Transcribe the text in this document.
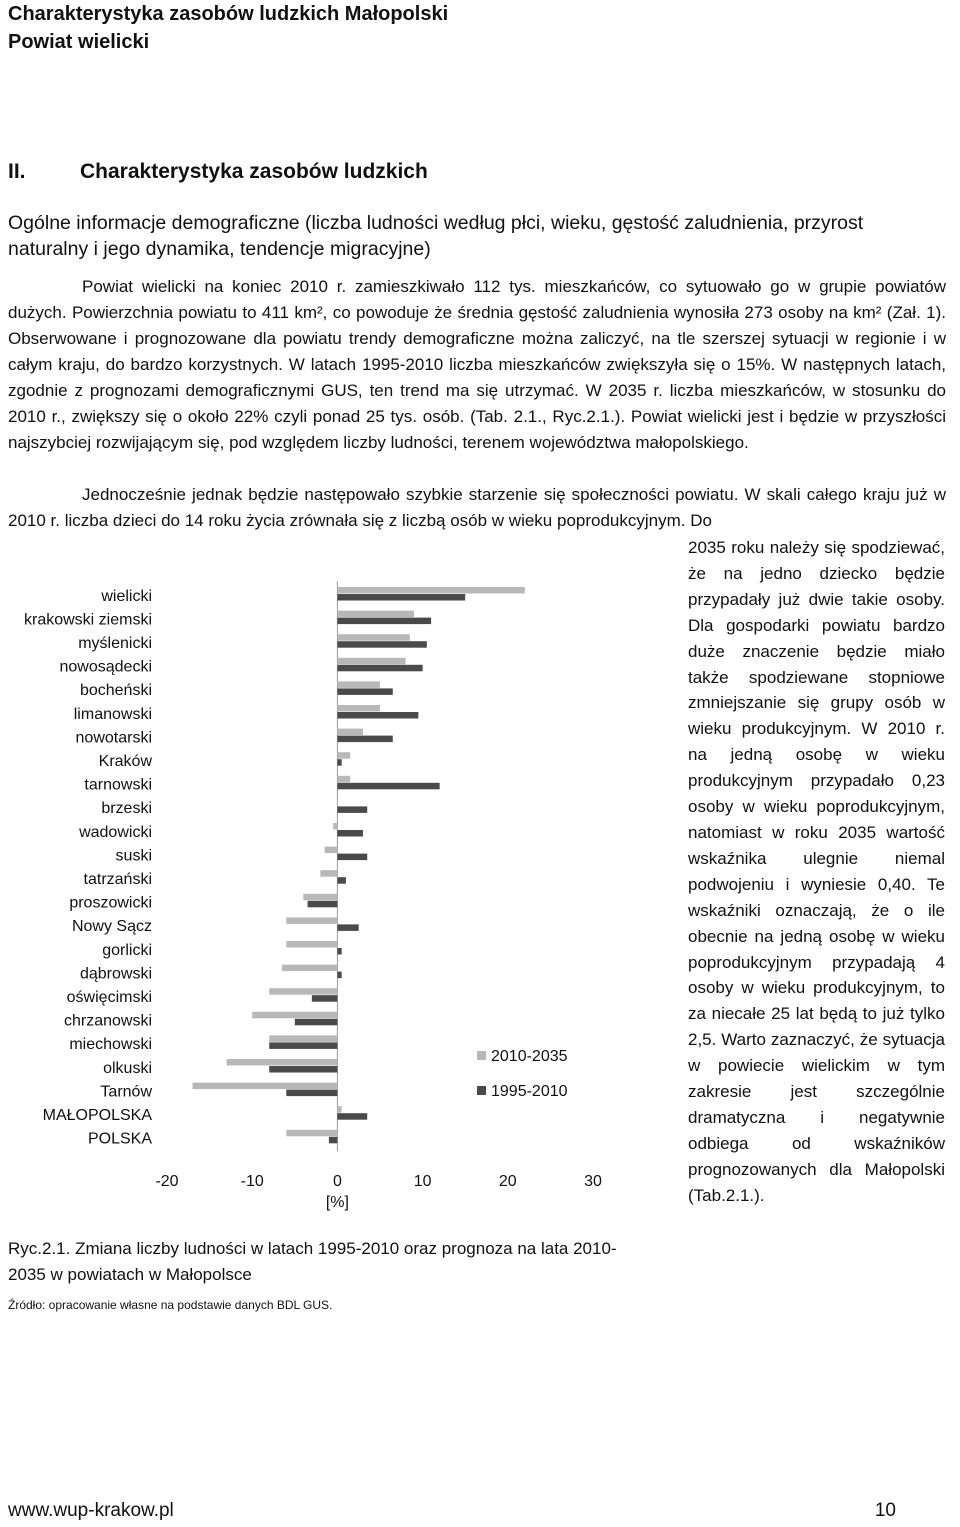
Charakterystyka zasobów ludzkich Małopolski
Powiat wielicki
II.	Charakterystyka zasobów ludzkich
Ogólne informacje demograficzne (liczba ludności według płci, wieku, gęstość zaludnienia, przyrost naturalny i jego dynamika, tendencje migracyjne)
Powiat wielicki na koniec 2010 r. zamieszkiwało 112 tys. mieszkańców, co sytuowało go w grupie powiatów dużych. Powierzchnia powiatu to 411 km², co powoduje że średnia gęstość zaludnienia wynosiła 273 osoby na km² (Zał. 1). Obserwowane i prognozowane dla powiatu trendy demograficzne można zaliczyć, na tle szerszej sytuacji w regionie i w całym kraju, do bardzo korzystnych. W latach 1995-2010 liczba mieszkańców zwiększyła się o 15%. W następnych latach, zgodnie z prognozami demograficznymi GUS, ten trend ma się utrzymać. W 2035 r. liczba mieszkańców, w stosunku do 2010 r., zwiększy się o około 22% czyli ponad 25 tys. osób. (Tab. 2.1., Ryc.2.1.). Powiat wielicki jest i będzie w przyszłości najszybciej rozwijającym się, pod względem liczby ludności, terenem województwa małopolskiego.
Jednocześnie jednak będzie następowało szybkie starzenie się społeczności powiatu. W skali całego kraju już w 2010 r. liczba dzieci do 14 roku życia zrównała się z liczbą osób w wieku poprodukcyjnym. Do
2035 roku należy się spodziewać, że na jedno dziecko będzie przypadały już dwie takie osoby. Dla gospodarki powiatu bardzo duże znaczenie będzie miało także spodziewane stopniowe zmniejszanie się grupy osób w wieku produkcyjnym. W 2010 r. na jedną osobę w wieku produkcyjnym przypadało 0,23 osoby w wieku poprodukcyjnym, natomiast w roku 2035 wartość wskaźnika ulegnie niemal podwojeniu i wyniesie 0,40. Te wskaźniki oznaczają, że o ile obecnie na jedną osobę w wieku poprodukcyjnym przypadają 4 osoby w wieku produkcyjnym, to za niecałe 25 lat będą to już tylko 2,5. Warto zaznaczyć, że sytuacja w powiecie wielickim w tym zakresie jest szczególnie dramatyczna i negatywnie odbiega od wskaźników prognozowanych dla Małopolski (Tab.2.1.).
wielicki
krakowski ziemski
myślenicki
nowosądecki
bocheński
limanowski
nowotarski
Kraków
tarnowski
brzeski
wadowicki
suski
tatrzański
proszowicki
Nowy Sącz
gorlicki
dąbrowski
oświęcimski
chrzanowski
miechowski
olkuski
Tarnów
MAŁOPOLSKA
POLSKA
-20	-10	0	10	20	30
[%]
2010-2035
1995-2010
Ryc.2.1. Zmiana liczby ludności w latach 1995-2010 oraz prognoza na lata 2010-2035 w powiatach w Małopolsce
Źródło: opracowanie własne na podstawie danych BDL GUS.
www.wup-krakow.pl	10
